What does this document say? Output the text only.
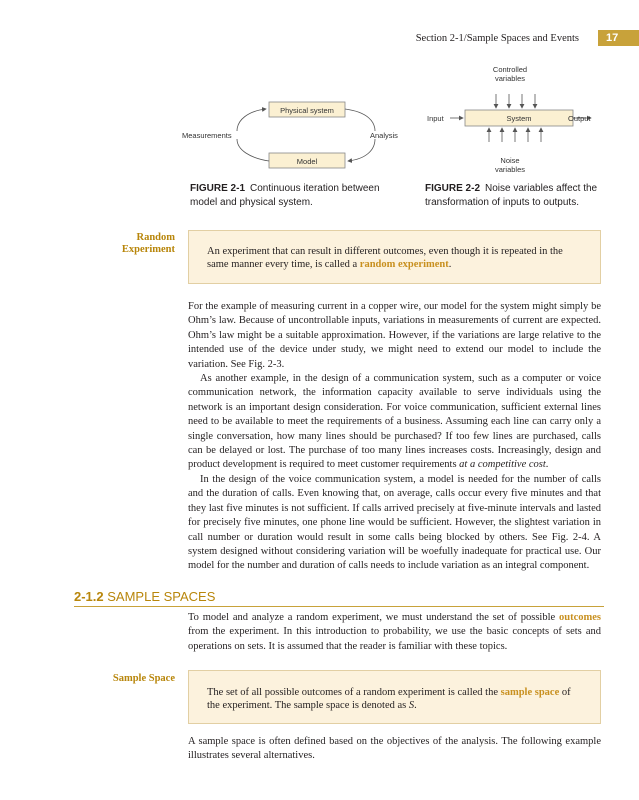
Section 2-1/Sample Spaces and Events	17
Physical system
Model
Measurements	Analysis
Controlled
variables
Input	System	Output
Noise
variables
FIGURE 2-1 Continuous iteration between model and physical system.
FIGURE 2-2 Noise variables affect the transformation of inputs to outputs.
Random
Experiment	An experiment that can result in different outcomes, even though it is repeated in the same manner every time, is called a random experiment.

For the example of measuring current in a copper wire, our model for the system might simply be Ohm’s law. Because of uncontrollable inputs, variations in measurements of current are expected. Ohm’s law might be a suitable approximation. However, if the variations are large relative to the intended use of the device under study, we might need to extend our model to include the variation. See Fig. 2-3.

As another example, in the design of a communication system, such as a computer or voice communication network, the information capacity available to serve individuals using the network is an important design consideration. For voice communication, sufficient external lines need to be available to meet the requirements of a business. Assuming each line can carry only a single conversation, how many lines should be purchased? If too few lines are purchased, calls can be delayed or lost. The purchase of too many lines increases costs. Increasingly, design and product development is required to meet customer requirements at a competitive cost.

In the design of the voice communication system, a model is needed for the number of calls and the duration of calls. Even knowing that, on average, calls occur every five minutes and that they last five minutes is not sufficient. If calls arrived precisely at five-minute intervals and lasted for precisely five minutes, one phone line would be sufficient. However, the slightest variation in call number or duration would result in some calls being blocked by others. See Fig. 2-4. A system designed without considering variation will be woefully inadequate for practical use. Our model for the number and duration of calls needs to include variation as an integral component.

2-1.2 SAMPLE SPACES

To model and analyze a random experiment, we must understand the set of possible outcomes from the experiment. In this introduction to probability, we use the basic concepts of sets and operations on sets. It is assumed that the reader is familiar with these topics.

Sample Space

The set of all possible outcomes of a random experiment is called the sample space of the experiment. The sample space is denoted as S.

A sample space is often defined based on the objectives of the analysis. The following example illustrates several alternatives.
